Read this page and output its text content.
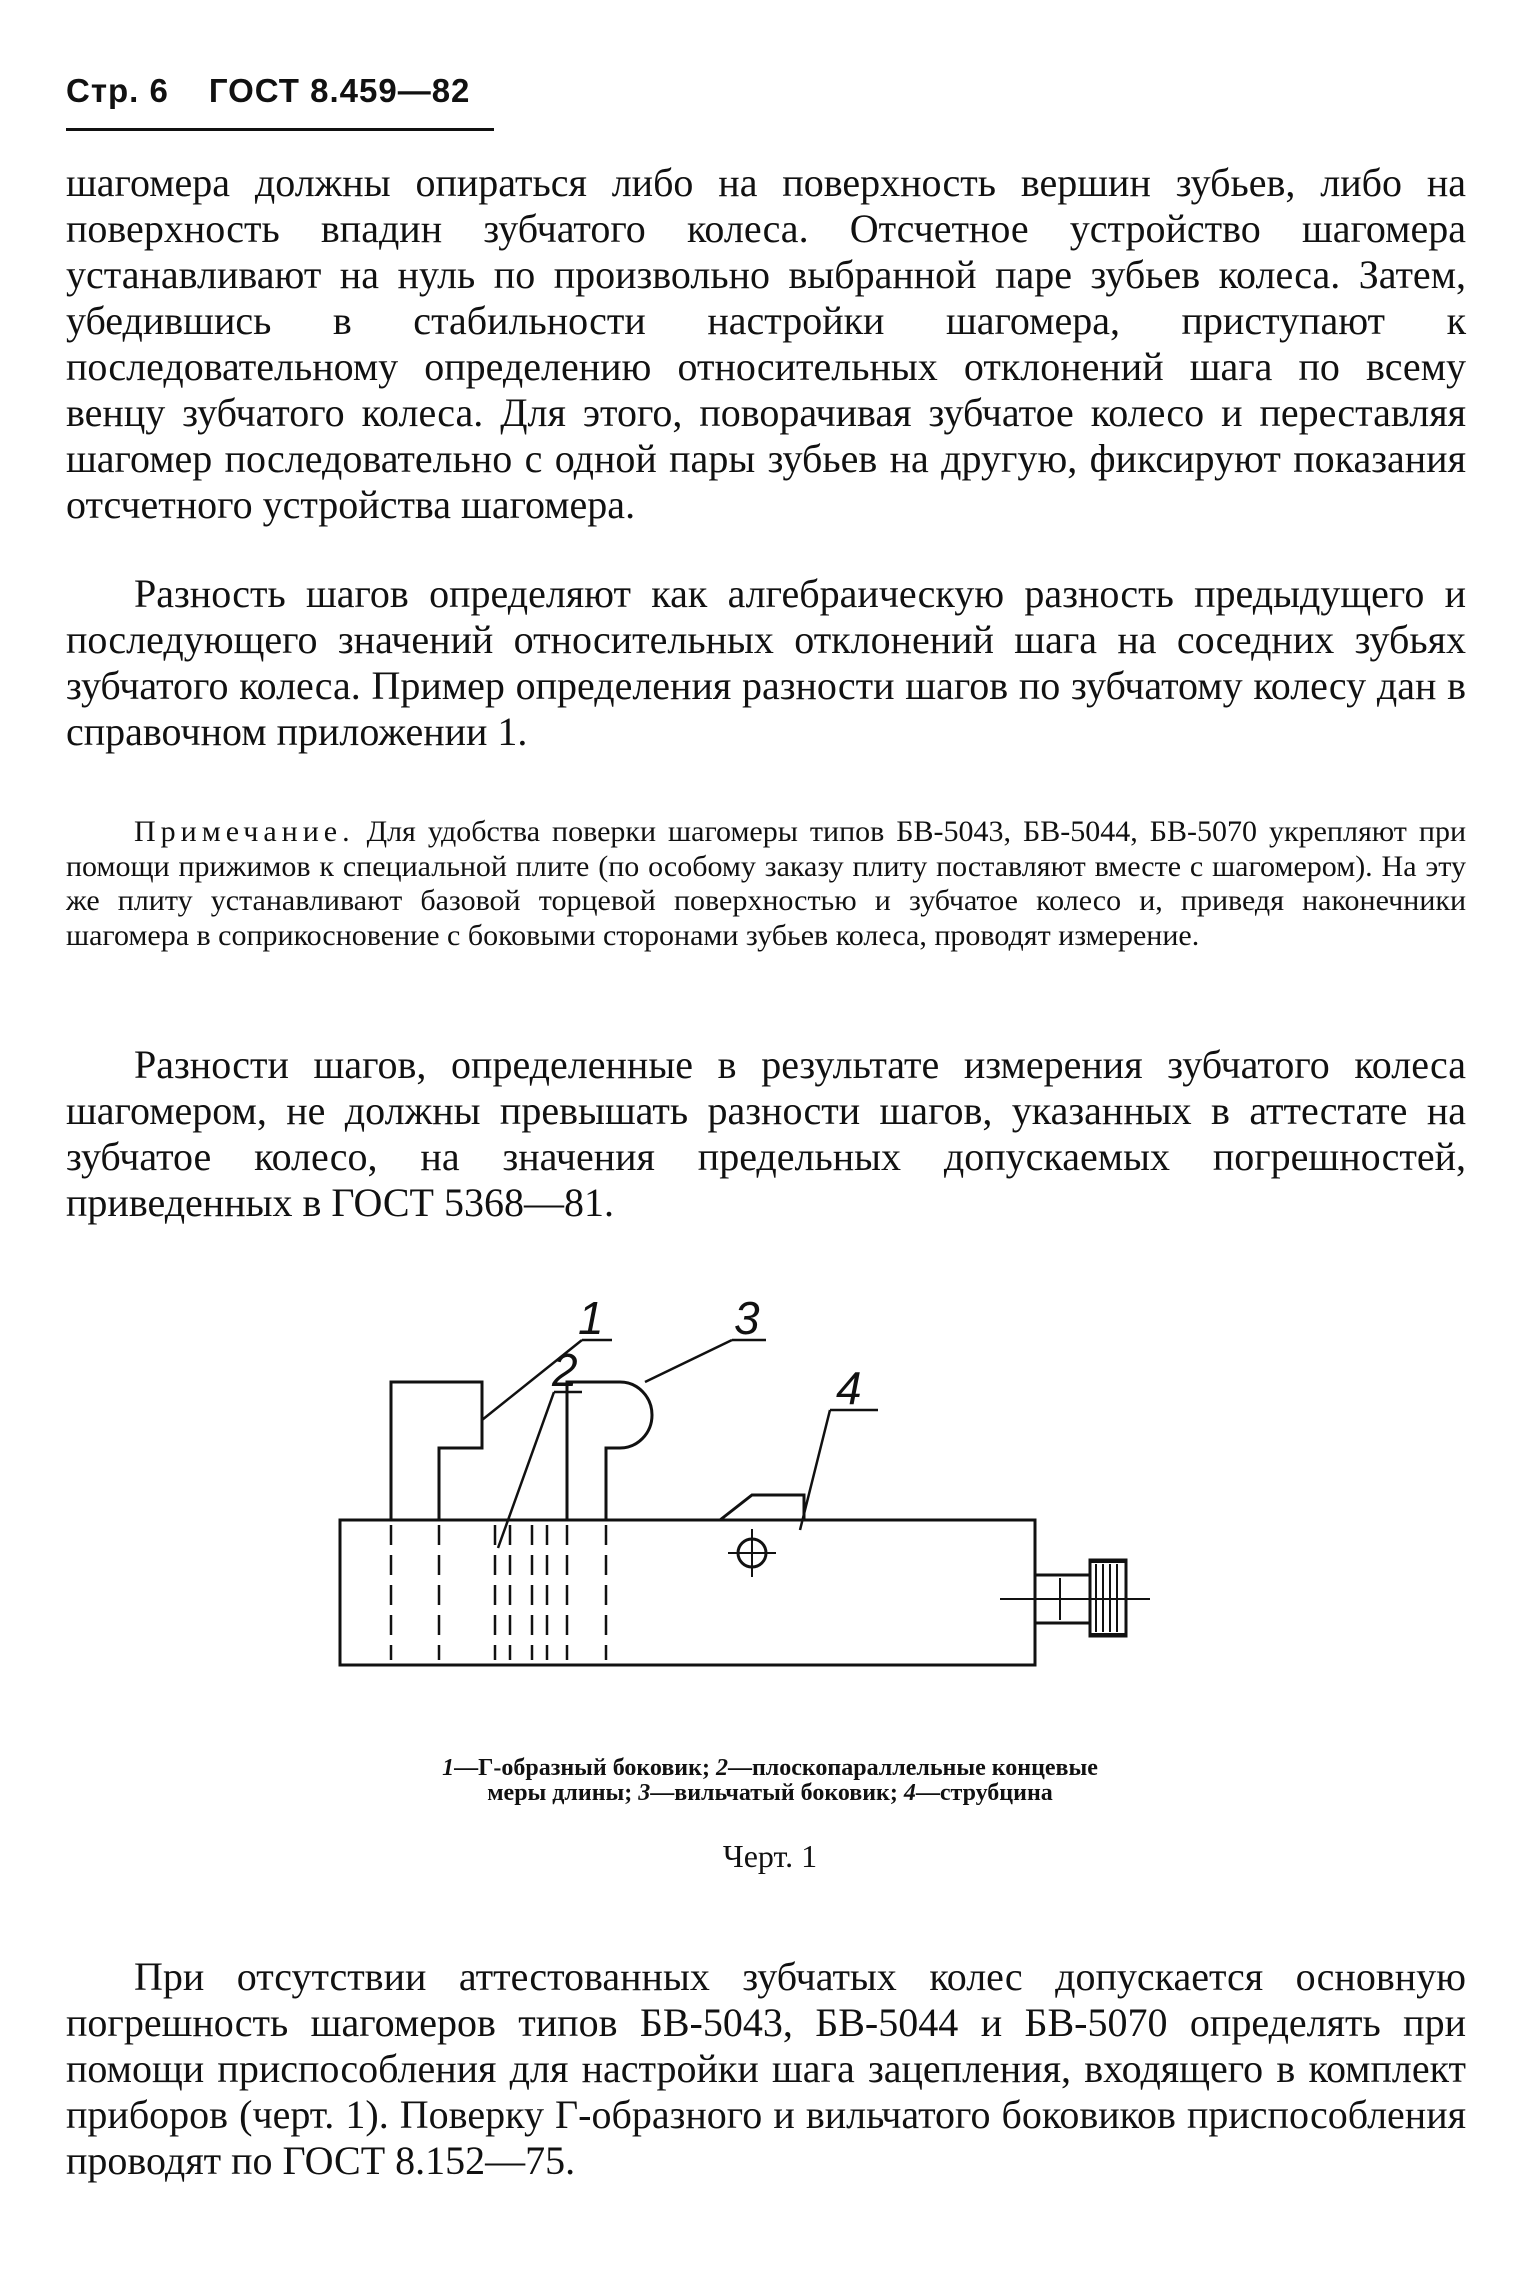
Стр. 6 ГОСТ 8.459—82

шагомера должны опираться либо на поверхность вершин зубьев, либо на поверхность впадин зубчатого колеса. Отсчетное устройство шагомера устанавливают на нуль по произвольно выбранной паре зубьев колеса. Затем, убедившись в стабильности настройки шагомера, приступают к последовательному определению относительных отклонений шага по всему венцу зубчатого колеса. Для этого, поворачивая зубчатое колесо и переставляя шагомер последовательно с одной пары зубьев на другую, фиксируют показания отсчетного устройства шагомера.

Разность шагов определяют как алгебраическую разность предыдущего и последующего значений относительных отклонений шага на соседних зубьях зубчатого колеса. Пример определения разности шагов по зубчатому колесу дан в справочном приложении 1.

Примечание. Для удобства поверки шагомеры типов БВ-5043, БВ-5044, БВ-5070 укрепляют при помощи прижимов к специальной плите (по особому заказу плиту поставляют вместе с шагомером). На эту же плиту устанавливают базовой торцевой поверхностью и зубчатое колесо и, приведя наконечники шагомера в соприкосновение с боковыми сторонами зубьев колеса, проводят измерение.

Разности шагов, определенные в результате измерения зубчатого колеса шагомером, не должны превышать разности шагов, указанных в аттестате на зубчатое колесо, на значения предельных допускаемых погрешностей, приведенных в ГОСТ 5368—81.

1
2
3
4
1—Г-образный боковик; 2—плоскопараллельные концевые меры длины; 3—вильчатый боковик; 4—струбцина
Черт. 1

При отсутствии аттестованных зубчатых колес допускается основную погрешность шагомеров типов БВ-5043, БВ-5044 и БВ-5070 определять при помощи приспособления для настройки шага зацепления, входящего в комплект приборов (черт. 1). Поверку Г-образного и вильчатого боковиков приспособления проводят по ГОСТ 8.152—75.
